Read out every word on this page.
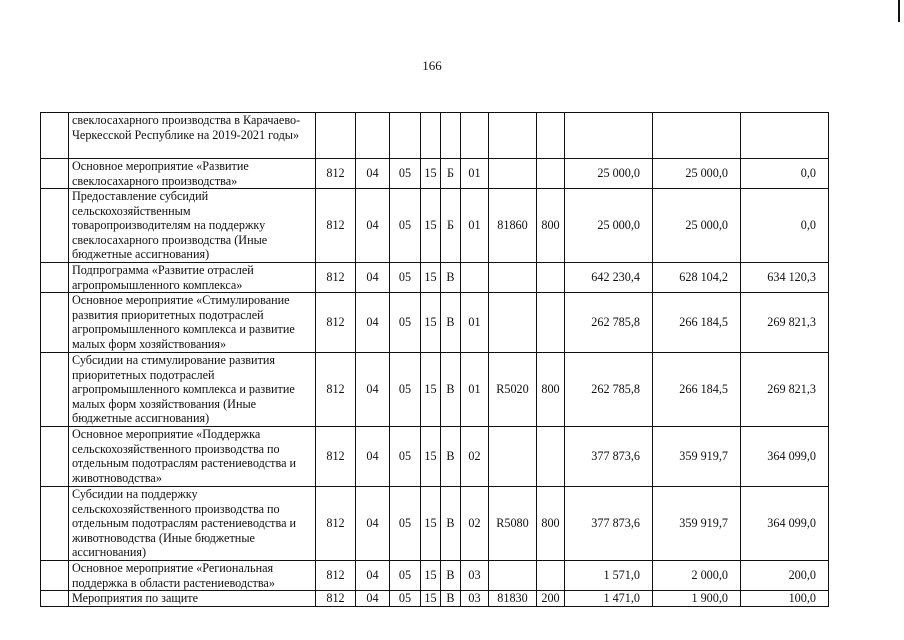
166
	свеклосахарного производства в Карачаево-Черкесской Республике на 2019-2021 годы»											
	Основное мероприятие «Развитие свеклосахарного производства»	812	04	05	15	Б	01			25 000,0	25 000,0	0,0
	Предоставление субсидий сельскохозяйственным товаропроизводителям на поддержку свеклосахарного производства (Иные бюджетные ассигнования)	812	04	05	15	Б	01	81860	800	25 000,0	25 000,0	0,0
	Подпрограмма «Развитие отраслей агропромышленного комплекса»	812	04	05	15	В				642 230,4	628 104,2	634 120,3
	Основное мероприятие «Стимулирование развития приоритетных подотраслей агропромышленного комплекса и развитие малых форм хозяйствования»	812	04	05	15	В	01			262 785,8	266 184,5	269 821,3
	Субсидии на стимулирование развития приоритетных подотраслей агропромышленного комплекса и развитие малых форм хозяйствования (Иные бюджетные ассигнования)	812	04	05	15	В	01	R5020	800	262 785,8	266 184,5	269 821,3
	Основное мероприятие «Поддержка сельскохозяйственного производства по отдельным подотраслям растениеводства и животноводства»	812	04	05	15	В	02			377 873,6	359 919,7	364 099,0
	Субсидии на поддержку сельскохозяйственного производства по отдельным подотраслям растениеводства и животноводства (Иные бюджетные ассигнования)	812	04	05	15	В	02	R5080	800	377 873,6	359 919,7	364 099,0
	Основное мероприятие «Региональная поддержка в области растениеводства»	812	04	05	15	В	03			1 571,0	2 000,0	200,0
	Мероприятия по защите	812	04	05	15	В	03	81830	200	1 471,0	1 900,0	100,0
